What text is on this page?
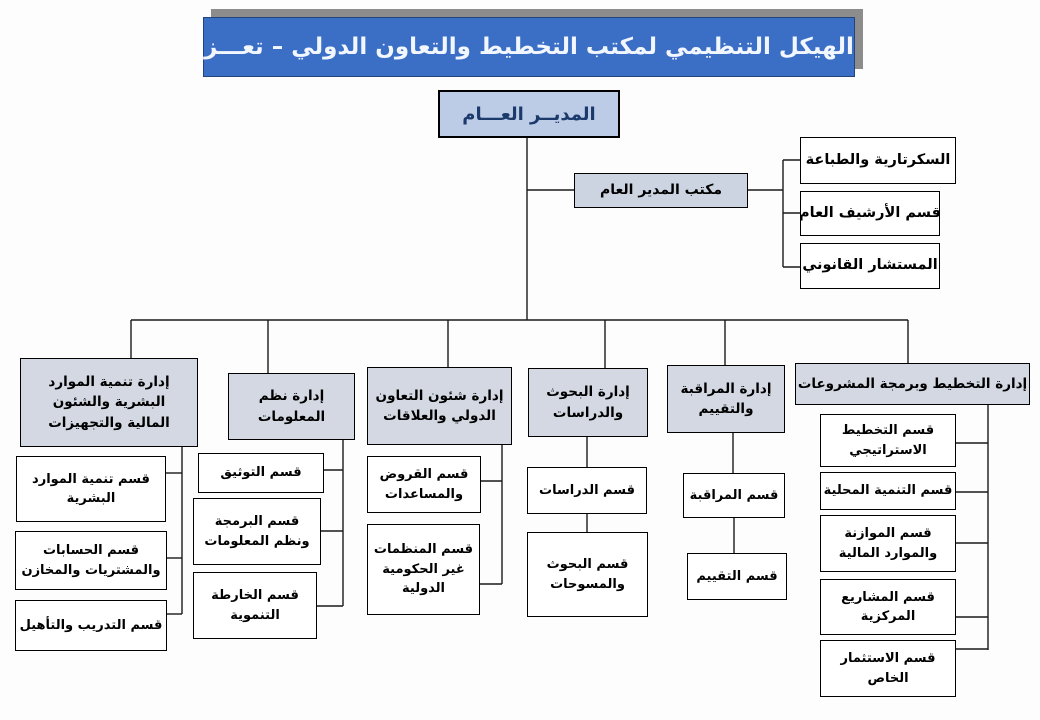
الهيكل التنظيمي لمكتب التخطيط والتعاون الدولي – تعـــز
المديــر العـــام
مكتب المدير العام
السكرتارية والطباعة
قسم الأرشيف العام
المستشار القانوني
إدارة تنمية الموارد
البشرية والشئون
المالية والتجهيزات
إدارة نظم
المعلومات
إدارة شئون التعاون
الدولي والعلاقات
إدارة البحوث
والدراسات
إدارة المراقبة
والتقييم
إدارة التخطيط وبرمجة المشروعات
قسم تنمية الموارد
البشرية
قسم الحسابات
والمشتريات والمخازن
قسم التدريب والتأهيل
قسم التوثيق
قسم البرمجة
ونظم المعلومات
قسم الخارطة
التنموية
قسم القروض
والمساعدات
قسم المنظمات
غير الحكومية
الدولية
قسم الدراسات
قسم البحوث
والمسوحات
قسم المراقبة
قسم التقييم
قسم التخطيط
الاستراتيجي
قسم التنمية المحلية
قسم الموازنة
والموارد المالية
قسم المشاريع
المركزية
قسم الاستثمار
الخاص
